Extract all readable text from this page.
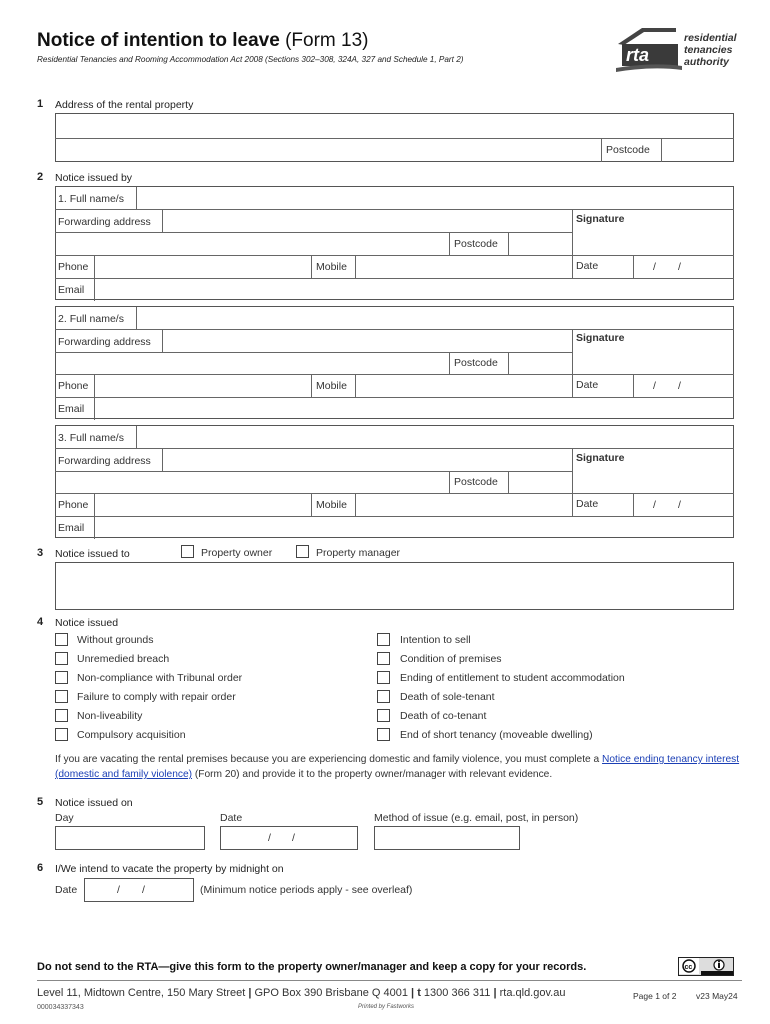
Notice of intention to leave (Form 13)
Residential Tenancies and Rooming Accommodation Act 2008 (Sections 302–308, 324A, 327 and Schedule 1, Part 2)	rta
residential
tenancies
authority
1 Address of the rental property
Postcode
2 Notice issued by
1. Full name/s
Forwarding address	Signature
Postcode
Phone	Mobile	Date	/ /
Email
2. Full name/s
Forwarding address	Signature
Postcode
Phone	Mobile	Date	/ /
Email
3. Full name/s
Forwarding address	Signature
Postcode
Phone	Mobile	Date	/ /
Email
3 Notice issued to	Property owner	Property manager
4 Notice issued
Without grounds
Unremedied breach
Non-compliance with Tribunal order
Failure to comply with repair order
Non-liveability
Compulsory acquisition
Intention to sell
Condition of premises
Ending of entitlement to student accommodation
Death of sole-tenant
Death of co-tenant
End of short tenancy (moveable dwelling)
If you are vacating the rental premises because you are experiencing domestic and family violence, you must complete a Notice ending tenancy interest (domestic and family violence) (Form 20) and provide it to the property owner/manager with relevant evidence.
5 Notice issued on
Day	Date
/ /
Method of issue (e.g. email, post, in person)
6 I/We intend to vacate the property by midnight on
Date	/ /	(Minimum notice periods apply - see overleaf)
Do not send to the RTA—give this form to the property owner/manager and keep a copy for your records.	cc
Level 11, Midtown Centre, 150 Mary Street | GPO Box 390 Brisbane Q 4001 | t 1300 366 311 | rta.qld.gov.au
000034337343	Printed by Fastworks
Page 1 of 2 v23 May24
